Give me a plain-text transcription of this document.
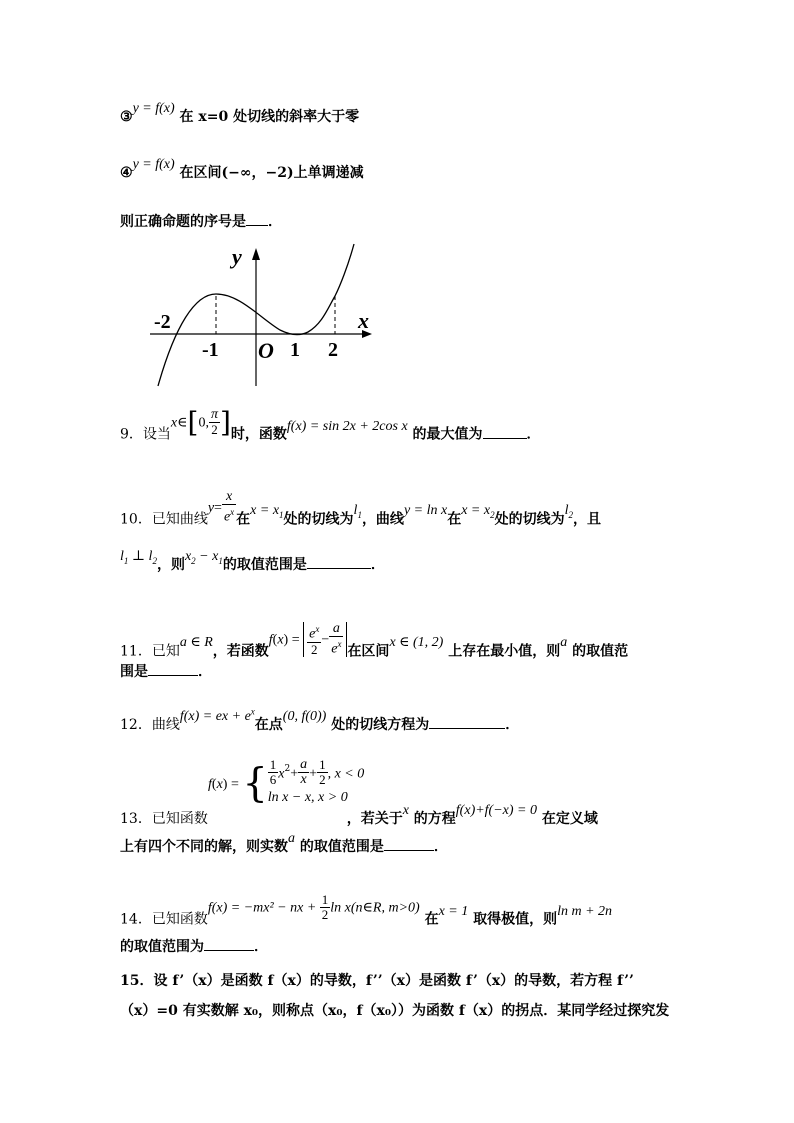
③y = f(x) 在 x=0 处切线的斜率大于零
④y = f(x) 在区间(−∞，−2)上单调递减
则正确命题的序号是 ．
y
x
O
-2
-1	1 2
9．设当x∈[0, $\frac{\pi}{2}$ ]时，函数f(x) = sin 2x + 2cos x 的最大值为	．
10．已知曲线$y= \frac{x}{e^x}$ 在$x = x_1$处的切线为$l_1$，曲线y = ln x在$x = x_2$处的切线为$l_2$，且
$l_1$ ⊥ $l_2$，则$x_2 - x_1$的取值范围是	．
11．已知a ∈ R，若函数$f(x) = \frac{e^x}{2} - \frac{a}{e^x}$ 在区间x ∈ (1, 2) 上存在最小值，则a 的取值范
围是	．
12．曲线f(x) = ex + $e^x$在点(0, f(0)) 处的切线方程为	．
f(x) = { $\frac{1}{6} x^2+ \frac{a}{x} + \frac{1}{2}$ , x < 0
ln x − x, x > 0
13．已知函数	，若关于x 的方程f(x)+f(−x) = 0 在定义域
上有四个不同的解，则实数a 的取值范围是	．
14．已知函数f(x) = −mx² − nx + $\frac{1}{2}$ ln x(n∈R, m>0) 在x = 1 取得极值，则ln m + 2n
的取值范围为	．
15．设 f’（x）是函数 f（x）的导数，f’’（x）是函数 f’（x）的导数，若方程 f’’
（x）=0 有实数解 x₀，则称点（x₀，f（x₀））为函数 f（x）的拐点．某同学经过探究发
